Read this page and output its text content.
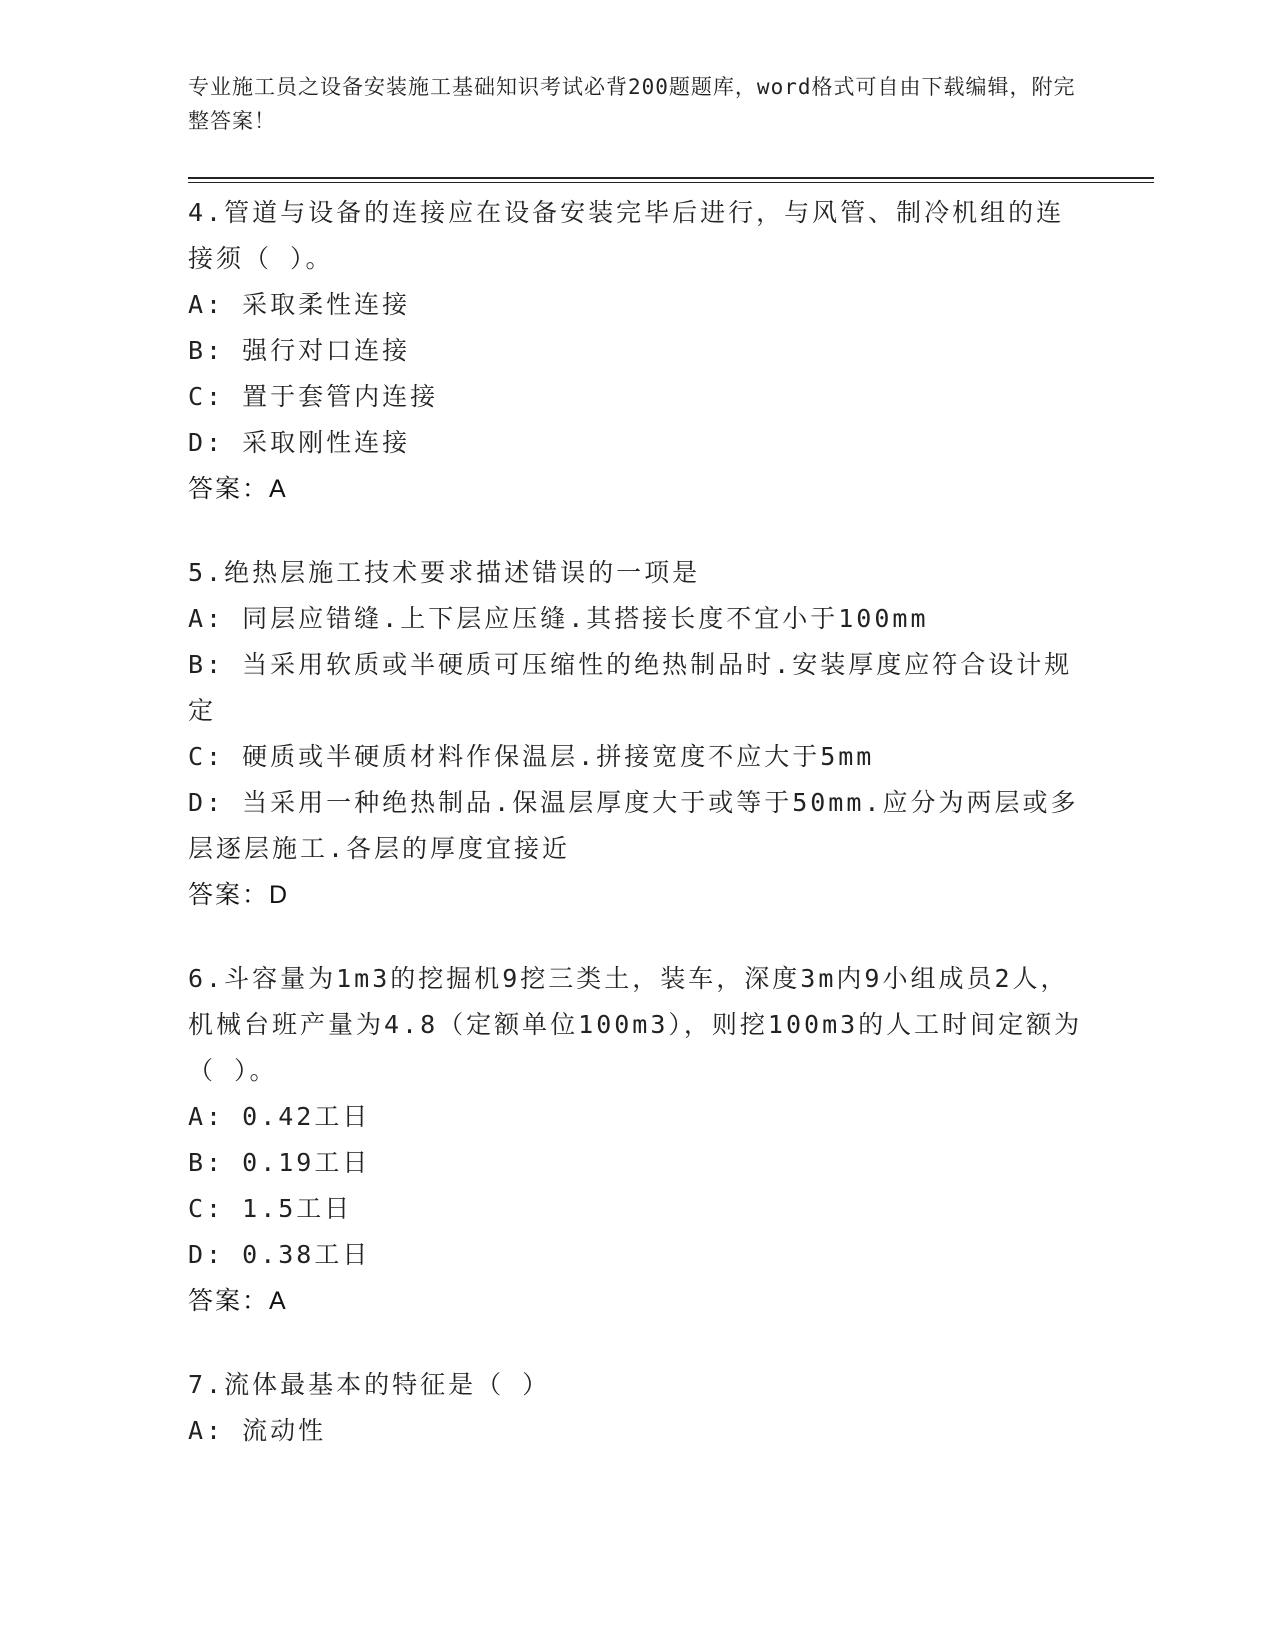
专业施工员之设备安装施工基础知识考试必背200题题库，word格式可自由下载编辑，附完整答案！
4.管道与设备的连接应在设备安装完毕后进行，与风管、制冷机组的连接须（ ）。
A: 采取柔性连接
B: 强行对口连接
C: 置于套管内连接
D: 采取刚性连接
答案：A
5.绝热层施工技术要求描述错误的一项是
A: 同层应错缝.上下层应压缝.其搭接长度不宜小于100mm
B: 当采用软质或半硬质可压缩性的绝热制品时.安装厚度应符合设计规定
C: 硬质或半硬质材料作保温层.拼接宽度不应大于5mm
D: 当采用一种绝热制品.保温层厚度大于或等于50mm.应分为两层或多层逐层施工.各层的厚度宜接近
答案：D
6.斗容量为1m3的挖掘机9挖三类土，装车，深度3m内9小组成员2人，机械台班产量为4.8（定额单位100m3），则挖100m3的人工时间定额为（ ）。
A: 0.42工日
B: 0.19工日
C: 1.5工日
D: 0.38工日
答案：A
7.流体最基本的特征是（ ）
A: 流动性
